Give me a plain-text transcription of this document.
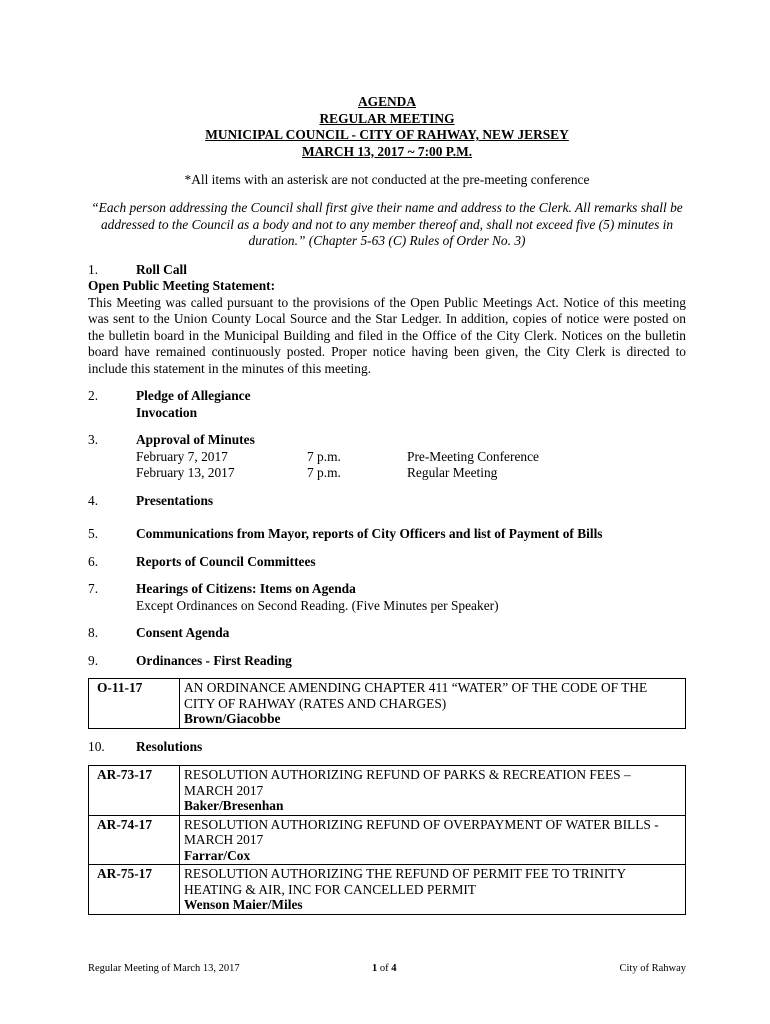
AGENDA
REGULAR MEETING
MUNICIPAL COUNCIL - CITY OF RAHWAY, NEW JERSEY
MARCH 13, 2017 ~ 7:00 P.M.
*All items with an asterisk are not conducted at the pre-meeting conference
“Each person addressing the Council shall first give their name and address to the Clerk. All remarks shall be addressed to the Council as a body and not to any member thereof and, shall not exceed five (5) minutes in duration.” (Chapter 5-63 (C) Rules of Order No. 3)
1.	Roll Call
Open Public Meeting Statement:
This Meeting was called pursuant to the provisions of the Open Public Meetings Act. Notice of this meeting was sent to the Union County Local Source and the Star Ledger. In addition, copies of notice were posted on the bulletin board in the Municipal Building and filed in the Office of the City Clerk. Notices on the bulletin board have remained continuously posted. Proper notice having been given, the City Clerk is directed to include this statement in the minutes of this meeting.
2.	Pledge of Allegiance
Invocation
3.	Approval of Minutes
February 7, 2017	7 p.m.	Pre-Meeting Conference
February 13, 2017	7 p.m.	Regular Meeting
4.	Presentations
5.	Communications from Mayor, reports of City Officers and list of Payment of Bills
6.	Reports of Council Committees
7.	Hearings of Citizens: Items on Agenda
Except Ordinances on Second Reading. (Five Minutes per Speaker)
8.	Consent Agenda
9.	Ordinances - First Reading
O-11-17	AN ORDINANCE AMENDING CHAPTER 411 “WATER” OF THE CODE OF THE
CITY OF RAHWAY (RATES AND CHARGES)
Brown/Giacobbe
10.	Resolutions
AR-73-17	RESOLUTION AUTHORIZING REFUND OF PARKS & RECREATION FEES –
MARCH 2017
Baker/Bresenhan

AR-74-17	RESOLUTION AUTHORIZING REFUND OF OVERPAYMENT OF WATER BILLS -
MARCH 2017
Farrar/Cox

AR-75-17	RESOLUTION AUTHORIZING THE REFUND OF PERMIT FEE TO TRINITY
HEATING & AIR, INC FOR CANCELLED PERMIT
Wenson Maier/Miles
Regular Meeting of March 13, 2017	1 of 4	City of Rahway
